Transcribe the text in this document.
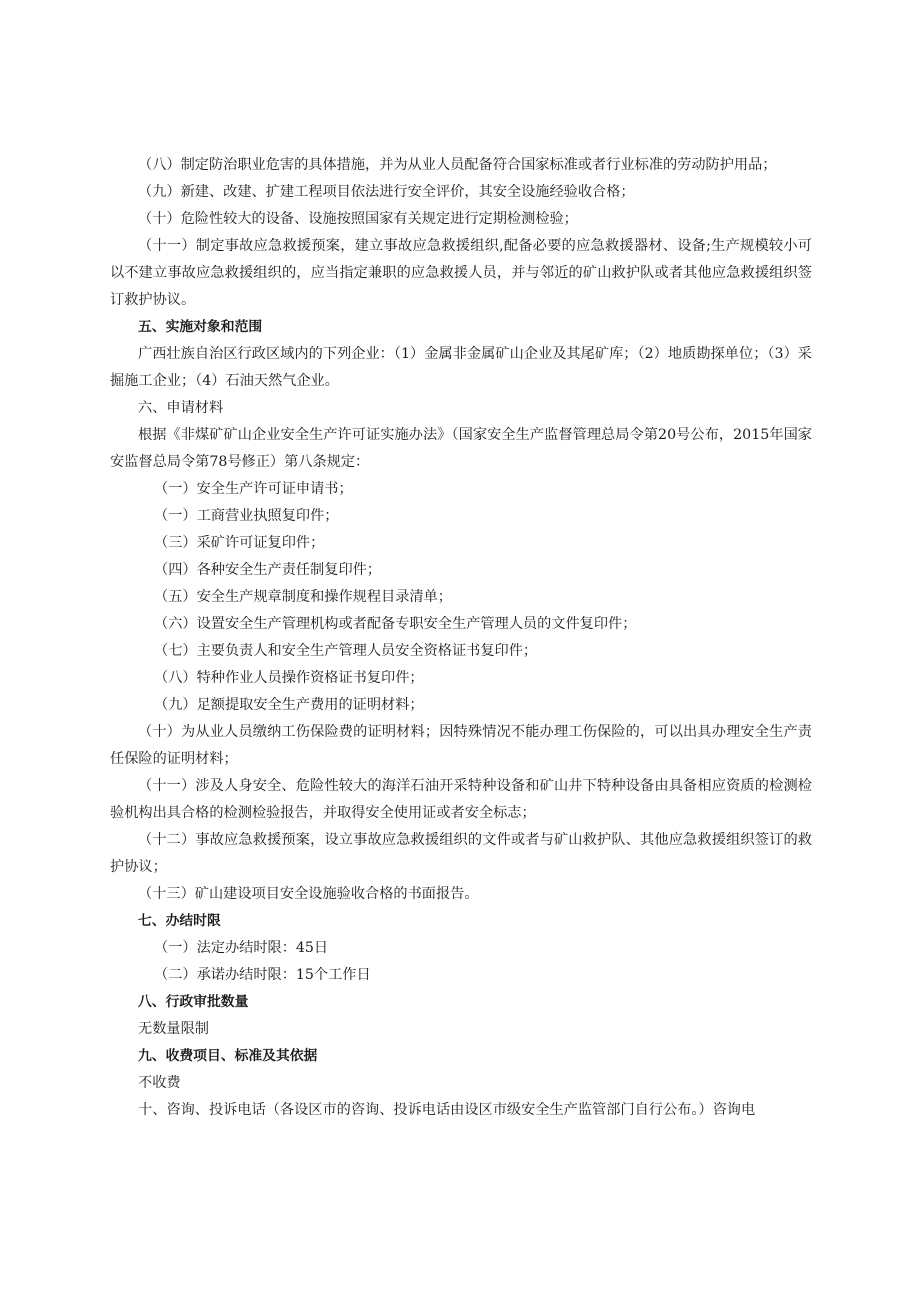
（八）制定防治职业危害的具体措施，并为从业人员配备符合国家标准或者行业标准的劳动防护用品；

（九）新建、改建、扩建工程项目依法进行安全评价，其安全设施经验收合格；

（十）危险性较大的设备、设施按照国家有关规定进行定期检测检验；

（十一）制定事故应急救援预案，建立事故应急救援组织,配备必要的应急救援器材、设备;生产规模较小可以不建立事故应急救援组织的，应当指定兼职的应急救援人员，并与邻近的矿山救护队或者其他应急救援组织签订救护协议。

五、实施对象和范围

广西壮族自治区行政区域内的下列企业：（1）金属非金属矿山企业及其尾矿库；（2）地质勘探单位；（3）采掘施工企业；（4）石油天然气企业。

六、申请材料

根据《非煤矿矿山企业安全生产许可证实施办法》（国家安全生产监督管理总局令第20号公布，2015年国家安监督总局令第78号修正）第八条规定：

（一）安全生产许可证申请书；

（一）工商营业执照复印件；

（三）采矿许可证复印件；

（四）各种安全生产责任制复印件；

（五）安全生产规章制度和操作规程目录清单；

（六）设置安全生产管理机构或者配备专职安全生产管理人员的文件复印件；

（七）主要负责人和安全生产管理人员安全资格证书复印件；

（八）特种作业人员操作资格证书复印件；

（九）足额提取安全生产费用的证明材料；

（十）为从业人员缴纳工伤保险费的证明材料；因特殊情况不能办理工伤保险的，可以出具办理安全生产责任保险的证明材料；

（十一）涉及人身安全、危险性较大的海洋石油开采特种设备和矿山井下特种设备由具备相应资质的检测检验机构出具合格的检测检验报告，并取得安全使用证或者安全标志；

（十二）事故应急救援预案，设立事故应急救援组织的文件或者与矿山救护队、其他应急救援组织签订的救护协议；

（十三）矿山建设项目安全设施验收合格的书面报告。

七、办结时限

（一）法定办结时限：45日

（二）承诺办结时限：15个工作日

八、行政审批数量

无数量限制

九、收费项目、标准及其依据

不收费

十、咨询、投诉电话（各设区市的咨询、投诉电话由设区市级安全生产监管部门自行公布。）咨询电
